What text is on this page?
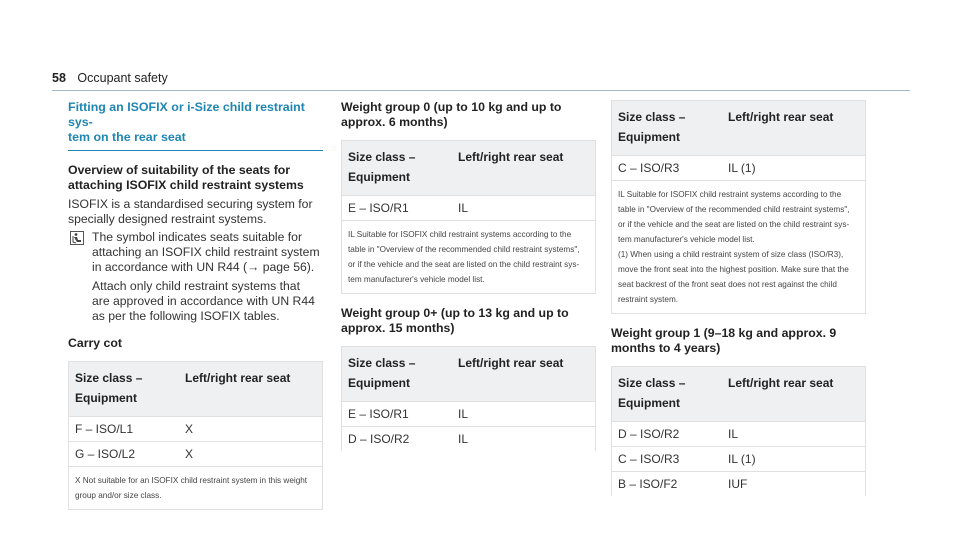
58 Occupant safety
Fitting an ISOFIX or i-Size child restraint sys-
tem on the rear seat
Overview of suitability of the seats for
attaching ISOFIX child restraint systems

ISOFIX is a standardised securing system for
specially designed restraint systems.

The symbol indicates seats suitable for
attaching an ISOFIX child restraint system
in accordance with UN R44 (→ page 56).

Attach only child restraint systems that
are approved in accordance with UN R44
as per the following ISOFIX tables.

Carry cot
Size class –
Equipment
Left/right rear seat
F – ISO/L1	X
G – ISO/L2	X

X Not suitable for an ISOFIX child restraint system in this weight
group and/or size class.

Weight group 0 (up to 10 kg and up to
approx. 6 months)
Size class –
Equipment
Left/right rear seat
E – ISO/R1	IL

IL Suitable for ISOFIX child restraint systems according to the
table in "Overview of the recommended child restraint systems",
or if the vehicle and the seat are listed on the child restraint sys-
tem manufacturer's vehicle model list.

Weight group 0+ (up to 13 kg and up to
approx. 15 months)
Size class –
Equipment
Left/right rear seat
E – ISO/R1	IL
D – ISO/R2	IL
Size class –
Equipment
Left/right rear seat
C – ISO/R3	IL (1)

IL Suitable for ISOFIX child restraint systems according to the
table in "Overview of the recommended child restraint systems",
or if the vehicle and the seat are listed on the child restraint sys-
tem manufacturer's vehicle model list.
(1) When using a child restraint system of size class (ISO/R3),
move the front seat into the highest position. Make sure that the
seat backrest of the front seat does not rest against the child
restraint system.

Weight group 1 (9–18 kg and approx. 9
months to 4 years)
Size class –
Equipment
Left/right rear seat
D – ISO/R2	IL
C – ISO/R3	IL (1)
B – ISO/F2	IUF
